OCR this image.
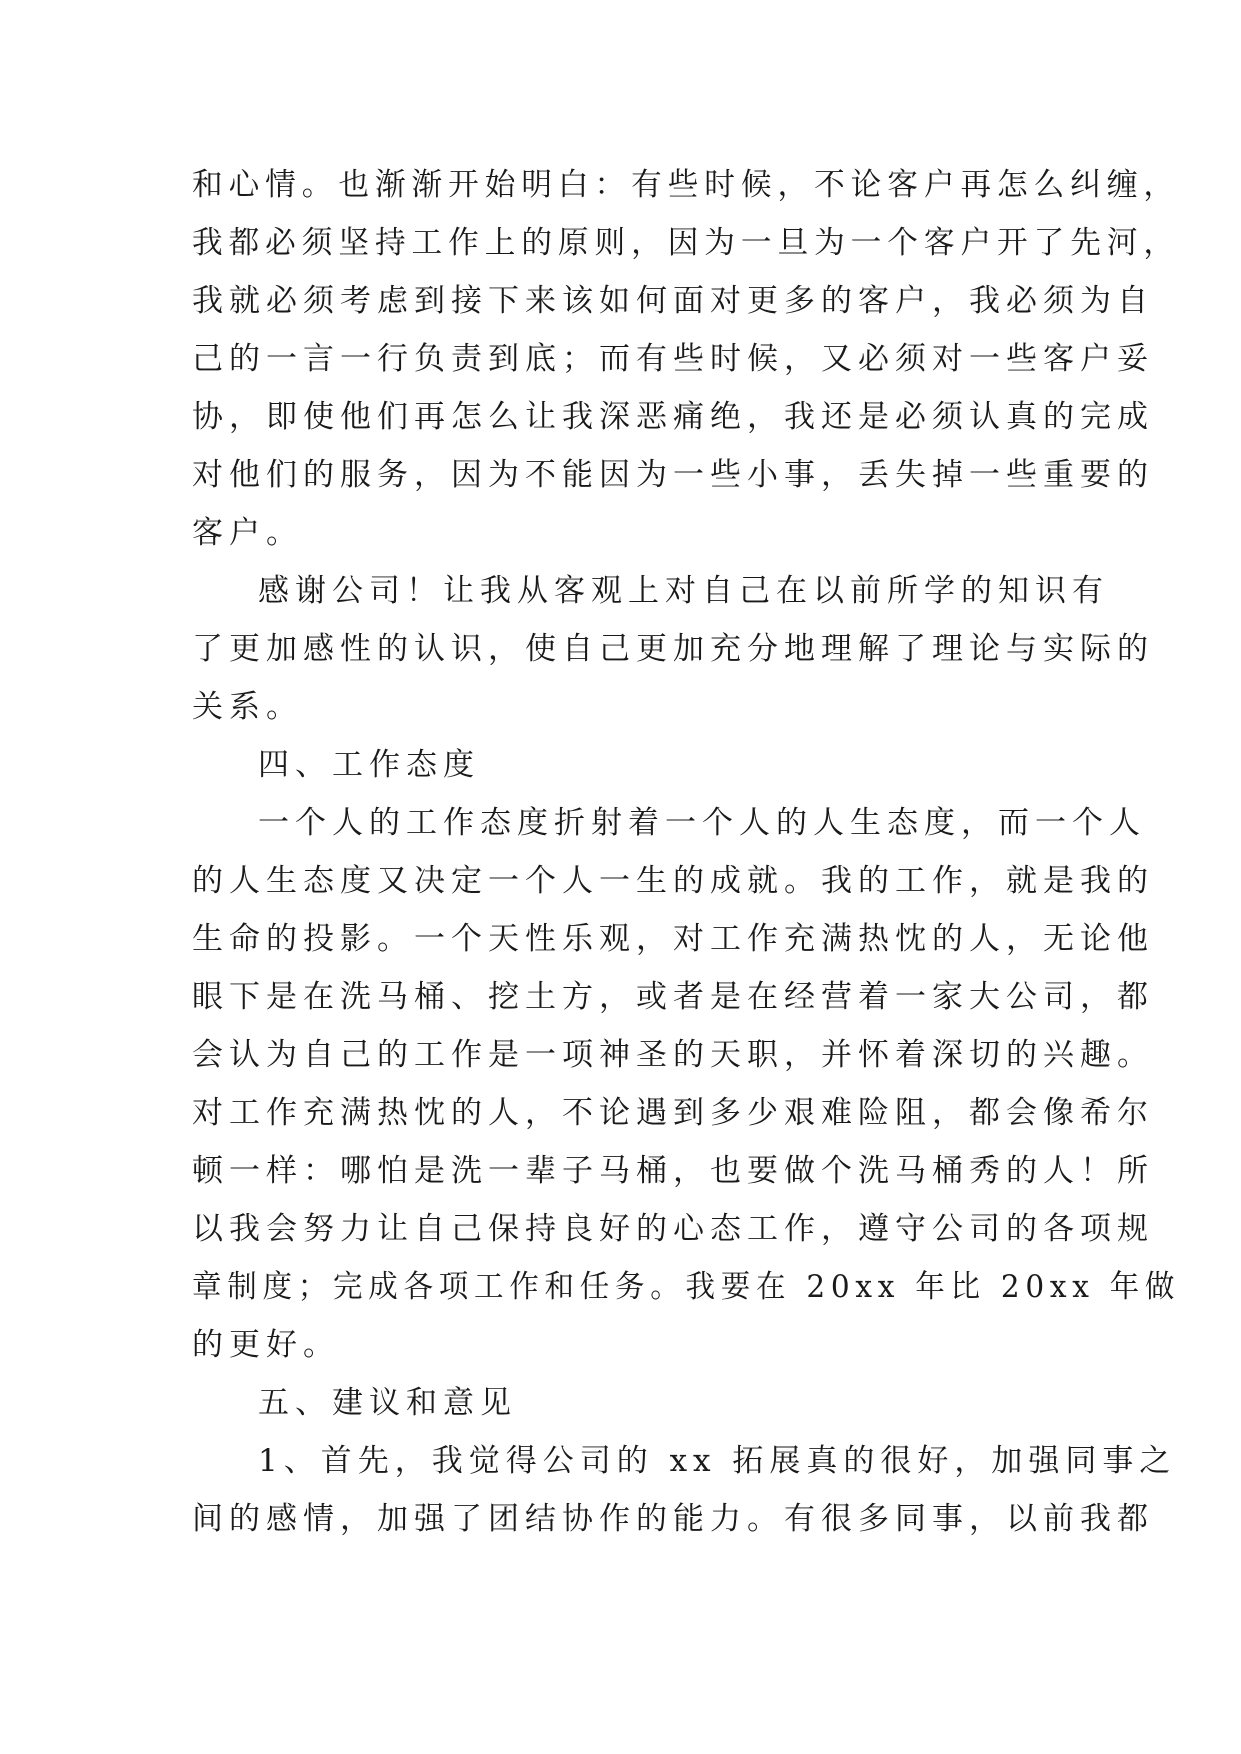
和心情。也渐渐开始明白：有些时候，不论客户再怎么纠缠，
我都必须坚持工作上的原则，因为一旦为一个客户开了先河，
我就必须考虑到接下来该如何面对更多的客户，我必须为自
己的一言一行负责到底；而有些时候，又必须对一些客户妥
协，即使他们再怎么让我深恶痛绝，我还是必须认真的完成
对他们的服务，因为不能因为一些小事，丢失掉一些重要的
客户。
感谢公司！让我从客观上对自己在以前所学的知识有
了更加感性的认识，使自己更加充分地理解了理论与实际的
关系。
四、工作态度
一个人的工作态度折射着一个人的人生态度，而一个人
的人生态度又决定一个人一生的成就。我的工作，就是我的
生命的投影。一个天性乐观，对工作充满热忱的人，无论他
眼下是在洗马桶、挖土方，或者是在经营着一家大公司，都
会认为自己的工作是一项神圣的天职，并怀着深切的兴趣。
对工作充满热忱的人，不论遇到多少艰难险阻，都会像希尔
顿一样：哪怕是洗一辈子马桶，也要做个洗马桶秀的人！所
以我会努力让自己保持良好的心态工作，遵守公司的各项规
章制度；完成各项工作和任务。我要在 20xx 年比 20xx 年做
的更好。
五、建议和意见
1、首先，我觉得公司的 xx 拓展真的很好，加强同事之
间的感情，加强了团结协作的能力。有很多同事，以前我都
